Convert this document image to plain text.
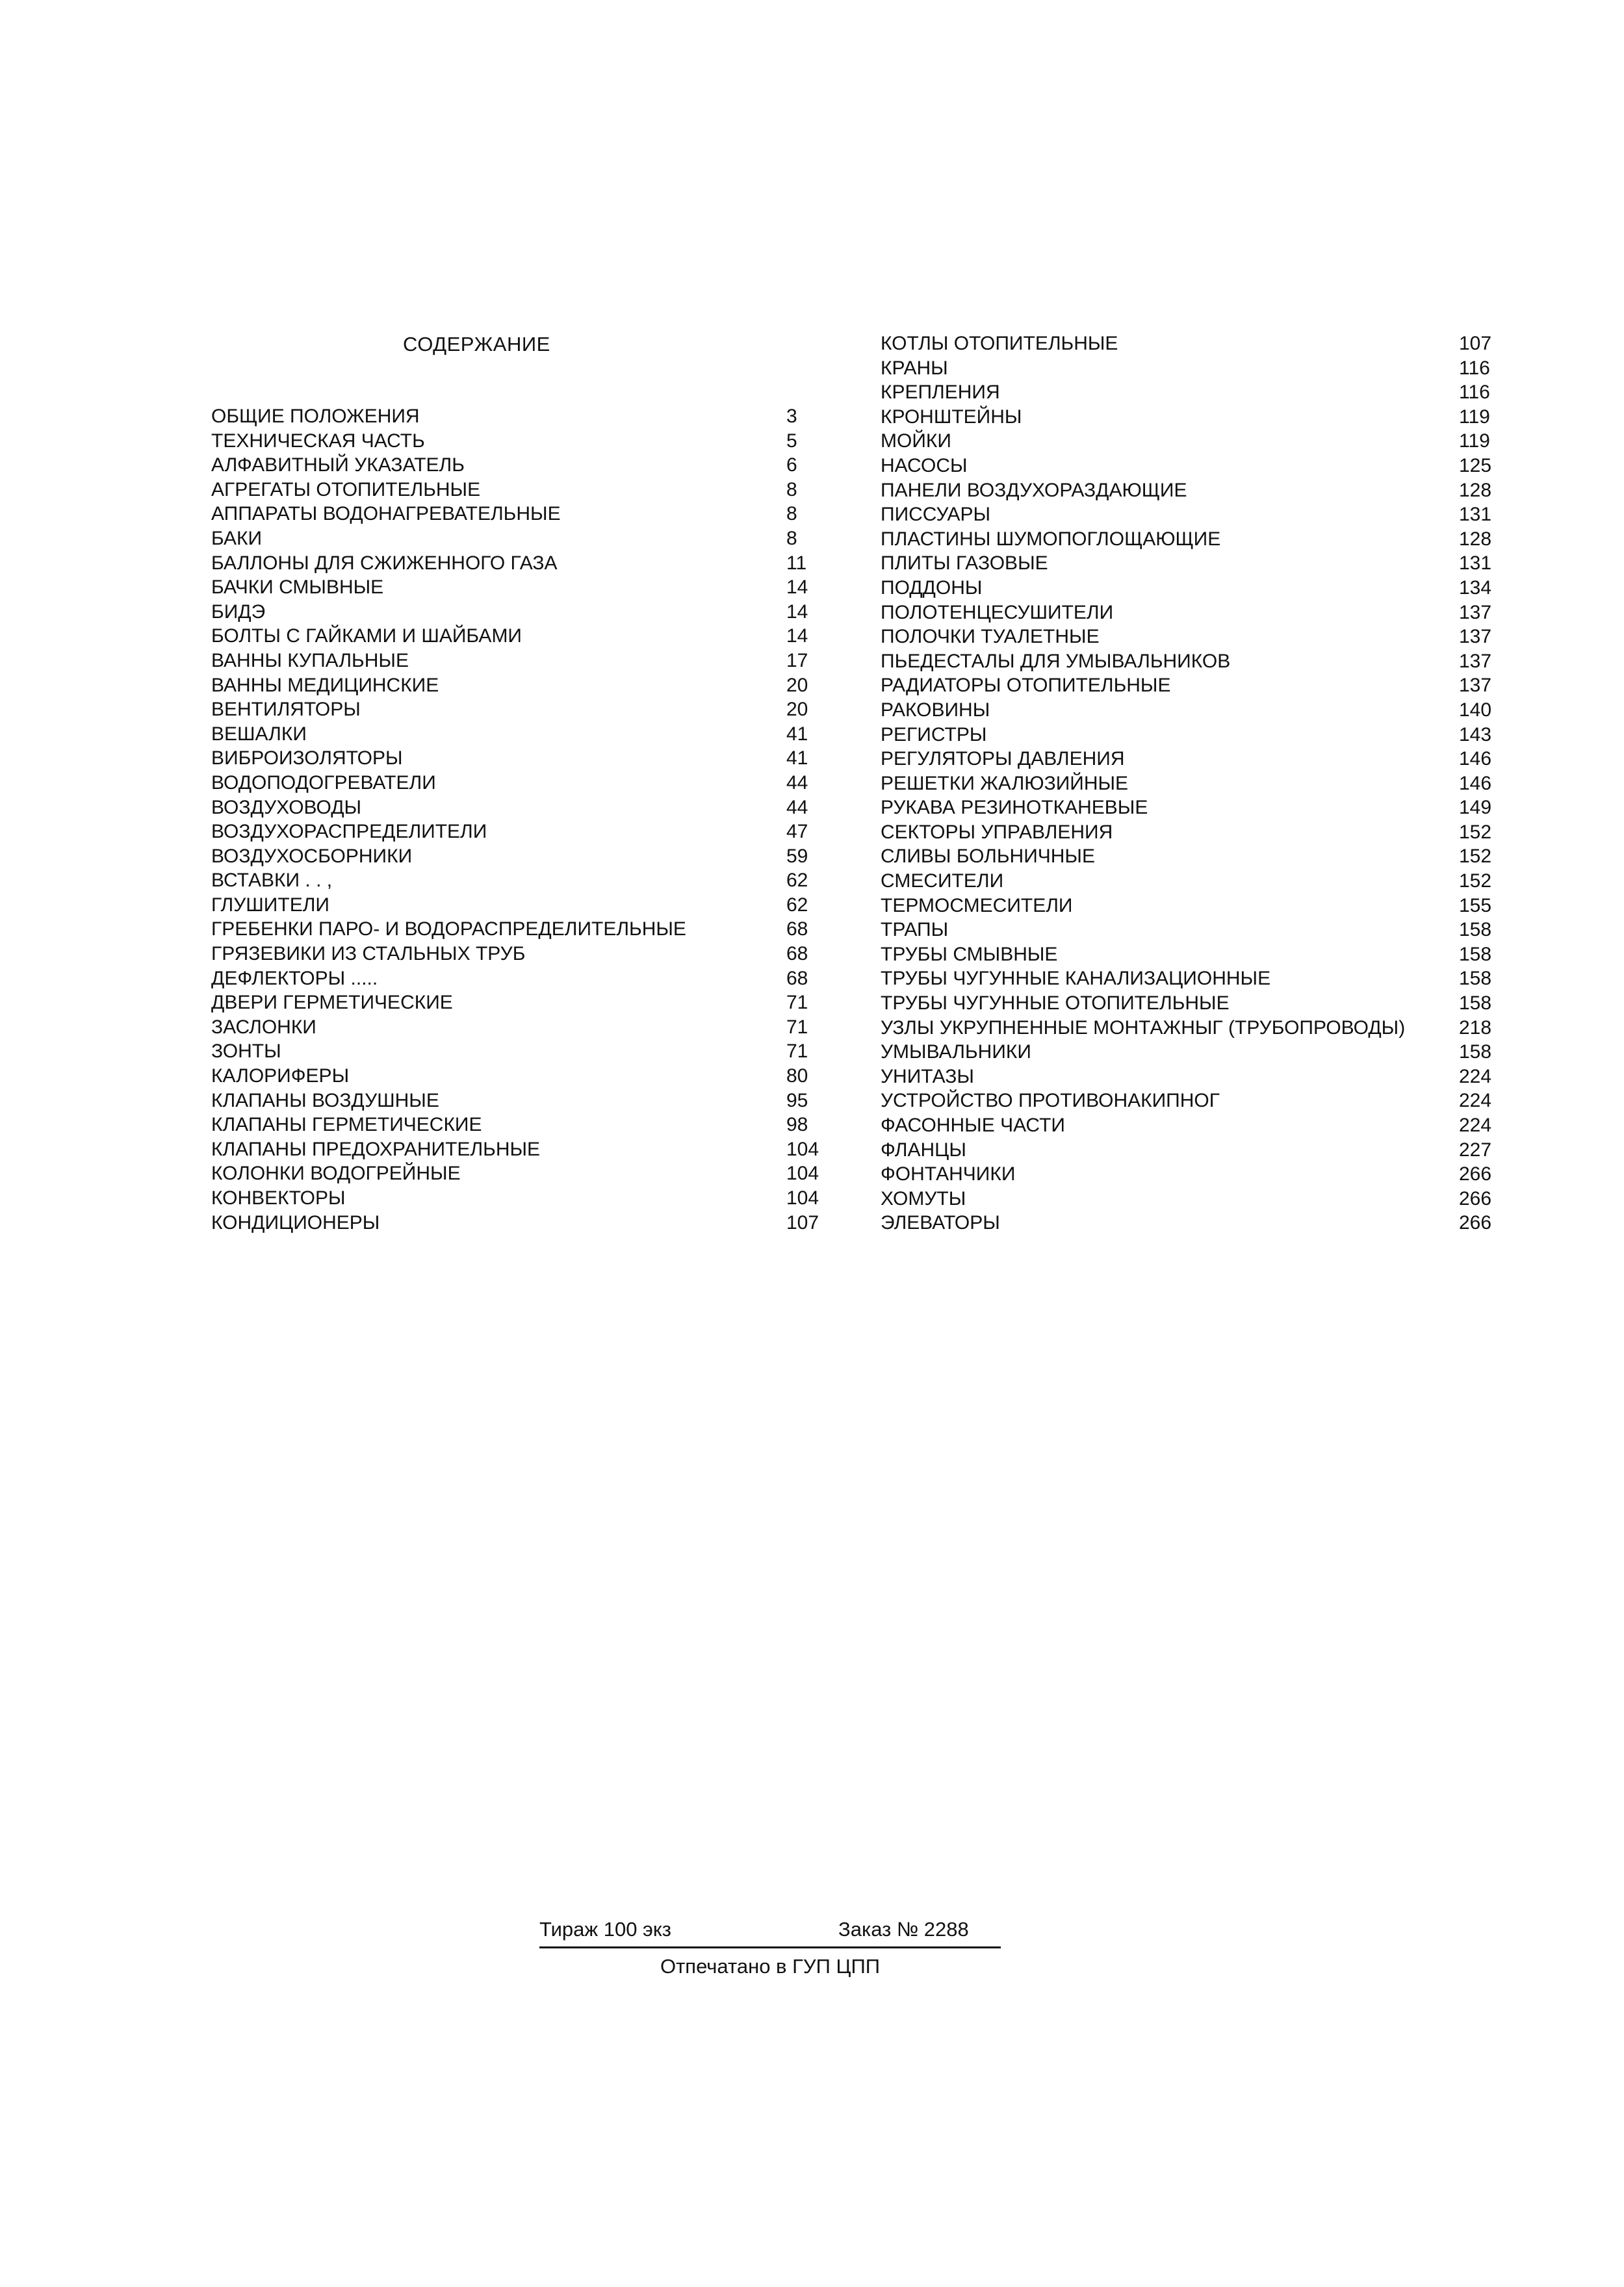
СОДЕРЖАНИЕ
ОБЩИЕ ПОЛОЖЕНИЯ	3
ТЕХНИЧЕСКАЯ ЧАСТЬ	5
АЛФАВИТНЫЙ УКАЗАТЕЛЬ	6
АГРЕГАТЫ ОТОПИТЕЛЬНЫЕ	8
АППАРАТЫ ВОДОНАГРЕВАТЕЛЬНЫЕ	8
БАКИ	8
БАЛЛОНЫ ДЛЯ СЖИЖЕННОГО ГАЗА	11
БАЧКИ СМЫВНЫЕ	14
БИДЭ	14
БОЛТЫ С ГАЙКАМИ И ШАЙБАМИ	14
ВАННЫ КУПАЛЬНЫЕ	17
ВАННЫ МЕДИЦИНСКИЕ	20
ВЕНТИЛЯТОРЫ	20
ВЕШАЛКИ	41
ВИБРОИЗОЛЯТОРЫ	41
ВОДОПОДОГРЕВАТЕЛИ	44
ВОЗДУХОВОДЫ	44
ВОЗДУХОРАСПРЕДЕЛИТЕЛИ	47
ВОЗДУХОСБОРНИКИ	59
ВСТАВКИ . . ,	62
ГЛУШИТЕЛИ	62
ГРЕБЕНКИ ПАРО- И ВОДОРАСПРЕДЕЛИТЕЛЬНЫЕ	68
ГРЯЗЕВИКИ ИЗ СТАЛЬНЫХ ТРУБ	68
ДЕФЛЕКТОРЫ .....	68
ДВЕРИ ГЕРМЕТИЧЕСКИЕ	71
ЗАСЛОНКИ	71
ЗОНТЫ	71
КАЛОРИФЕРЫ	80
КЛАПАНЫ ВОЗДУШНЫЕ	95
КЛАПАНЫ ГЕРМЕТИЧЕСКИЕ	98
КЛАПАНЫ ПРЕДОХРАНИТЕЛЬНЫЕ	104
КОЛОНКИ ВОДОГРЕЙНЫЕ	104
КОНВЕКТОРЫ	104
КОНДИЦИОНЕРЫ	107
КОТЛЫ ОТОПИТЕЛЬНЫЕ	107
КРАНЫ	116
КРЕПЛЕНИЯ	116
КРОНШТЕЙНЫ	119
МОЙКИ	119
НАСОСЫ	125
ПАНЕЛИ ВОЗДУХОРАЗДАЮЩИЕ	128
ПИССУАРЫ	131
ПЛАСТИНЫ ШУМОПОГЛОЩАЮЩИЕ	128
ПЛИТЫ ГАЗОВЫЕ	131
ПОДДОНЫ	134
ПОЛОТЕНЦЕСУШИТЕЛИ	137
ПОЛОЧКИ ТУАЛЕТНЫЕ	137
ПЬЕДЕСТАЛЫ ДЛЯ УМЫВАЛЬНИКОВ	137
РАДИАТОРЫ ОТОПИТЕЛЬНЫЕ	137
РАКОВИНЫ	140
РЕГИСТРЫ	143
РЕГУЛЯТОРЫ ДАВЛЕНИЯ	146
РЕШЕТКИ ЖАЛЮЗИЙНЫЕ	146
РУКАВА РЕЗИНОТКАНЕВЫЕ	149
СЕКТОРЫ УПРАВЛЕНИЯ	152
СЛИВЫ БОЛЬНИЧНЫЕ	152
СМЕСИТЕЛИ	152
ТЕРМОСМЕСИТЕЛИ	155
ТРАПЫ	158
ТРУБЫ СМЫВНЫЕ	158
ТРУБЫ ЧУГУННЫЕ КАНАЛИЗАЦИОННЫЕ	158
ТРУБЫ ЧУГУННЫЕ ОТОПИТЕЛЬНЫЕ	158
УЗЛЫ УКРУПНЕННЫЕ МОНТАЖНЫГ (ТРУБОПРОВОДЫ)	218
УМЫВАЛЬНИКИ	158
УНИТАЗЫ	224
УСТРОЙСТВО ПРОТИВОНАКИПНОГ	224
ФАСОННЫЕ ЧАСТИ	224
ФЛАНЦЫ	227
ФОНТАНЧИКИ	266
ХОМУТЫ	266
ЭЛЕВАТОРЫ	266
Тираж 100 экз	Заказ № 2288
Отпечатано в ГУП ЦПП
